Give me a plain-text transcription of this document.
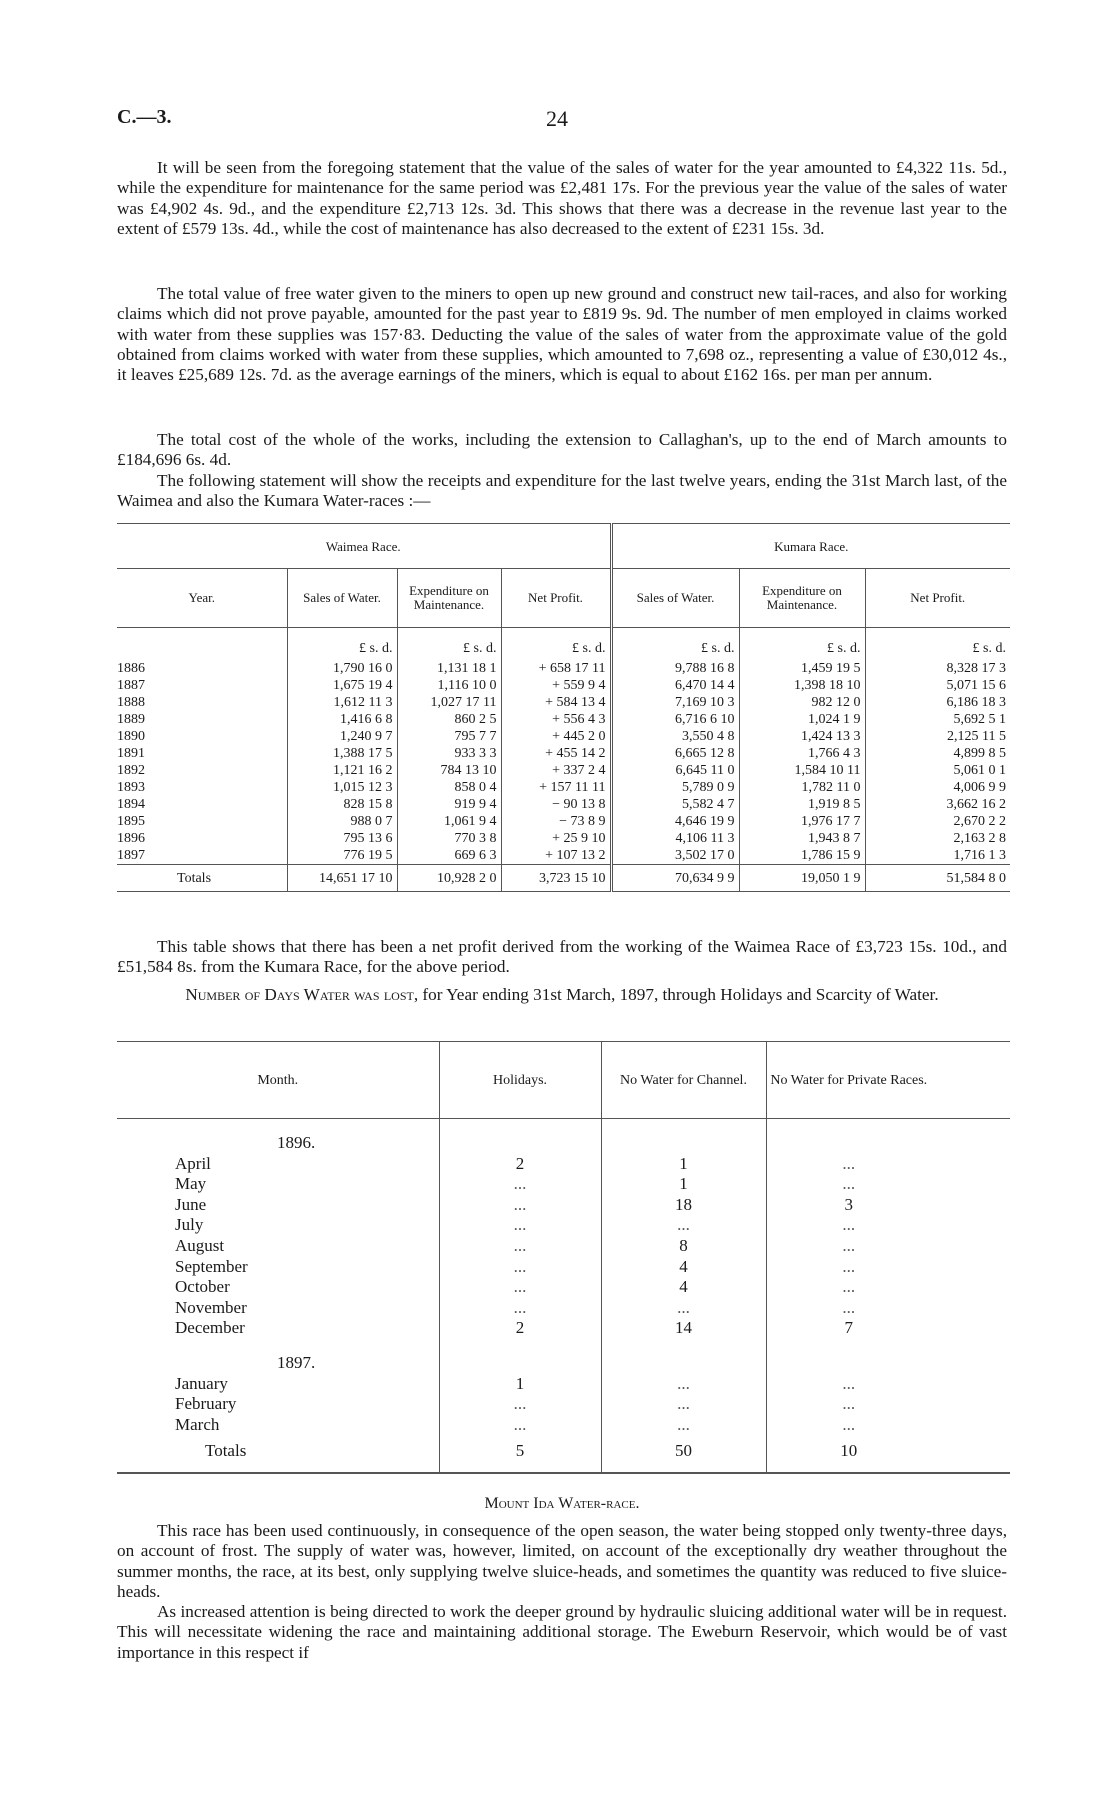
C.—3.	24

It will be seen from the foregoing statement that the value of the sales of water for the year amounted to £4,322 11s. 5d., while the expenditure for maintenance for the same period was £2,481 17s. For the previous year the value of the sales of water was £4,902 4s. 9d., and the expenditure £2,713 12s. 3d. This shows that there was a decrease in the revenue last year to the extent of £579 13s. 4d., while the cost of maintenance has also decreased to the extent of £231 15s. 3d.

The total value of free water given to the miners to open up new ground and construct new tail-races, and also for working claims which did not prove payable, amounted for the past year to £819 9s. 9d. The number of men employed in claims worked with water from these supplies was 157·83. Deducting the value of the sales of water from the approximate value of the gold obtained from claims worked with water from these supplies, which amounted to 7,698 oz., representing a value of £30,012 4s., it leaves £25,689 12s. 7d. as the average earnings of the miners, which is equal to about £162 16s. per man per annum.

The total cost of the whole of the works, including the extension to Callaghan's, up to the end of March amounts to £184,696 6s. 4d.

The following statement will show the receipts and expenditure for the last twelve years, ending the 31st March last, of the Waimea and also the Kumara Water-races :—

Waimea Race.				Kumara Race.		
Year.	Sales of Water.	Expenditure on Maintenance.	Net Profit.	Sales of Water.	Expenditure on Maintenance.	Net Profit.
	£ s. d.	£ s. d.	£ s. d.	£ s. d.	£ s. d.	£ s. d.
1886	1,790 16 0	1,131 18 1	+ 658 17 11	9,788 16 8	1,459 19 5	8,328 17 3
1887	1,675 19 4	1,116 10 0	+ 559 9 4	6,470 14 4	1,398 18 10	5,071 15 6
1888	1,612 11 3	1,027 17 11	+ 584 13 4	7,169 10 3	982 12 0	6,186 18 3
1889	1,416 6 8	860 2 5	+ 556 4 3	6,716 6 10	1,024 1 9	5,692 5 1
1890	1,240 9 7	795 7 7	+ 445 2 0	3,550 4 8	1,424 13 3	2,125 11 5
1891	1,388 17 5	933 3 3	+ 455 14 2	6,665 12 8	1,766 4 3	4,899 8 5
1892	1,121 16 2	784 13 10	+ 337 2 4	6,645 11 0	1,584 10 11	5,061 0 1
1893	1,015 12 3	858 0 4	+ 157 11 11	5,789 0 9	1,782 11 0	4,006 9 9
1894	828 15 8	919 9 4	− 90 13 8	5,582 4 7	1,919 8 5	3,662 16 2
1895	988 0 7	1,061 9 4	− 73 8 9	4,646 19 9	1,976 17 7	2,670 2 2
1896	795 13 6	770 3 8	+ 25 9 10	4,106 11 3	1,943 8 7	2,163 2 8
1897	776 19 5	669 6 3	+ 107 13 2	3,502 17 0	1,786 15 9	1,716 1 3
Totals	14,651 17 10	10,928 2 0	3,723 15 10	70,634 9 9	19,050 1 9	51,584 8 0

This table shows that there has been a net profit derived from the working of the Waimea Race of £3,723 15s. 10d., and £51,584 8s. from the Kumara Race, for the above period.

Number of Days Water was lost, for Year ending 31st March, 1897, through Holidays and Scarcity of Water.
Month.	Holidays.	No Water for Channel.	No Water for Private Races.	
1896.				
April	2	1	...	
May	...	1	...	
June	...	18	3	
July	...	...	...	
August	...	8	...	
September	...	4	...	
October	...	4	...	
November	...	...	...	
December	2	14	7	
1897.				
January	1	...	...	
February	...	...	...	
March	...	...	...	
Totals	5	50	10	
Mount Ida Water-race.

This race has been used continuously, in consequence of the open season, the water being stopped only twenty-three days, on account of frost. The supply of water was, however, limited, on account of the exceptionally dry weather throughout the summer months, the race, at its best, only supplying twelve sluice-heads, and sometimes the quantity was reduced to five sluice-heads.

As increased attention is being directed to work the deeper ground by hydraulic sluicing additional water will be in request. This will necessitate widening the race and maintaining additional storage. The Eweburn Reservoir, which would be of vast importance in this respect if
